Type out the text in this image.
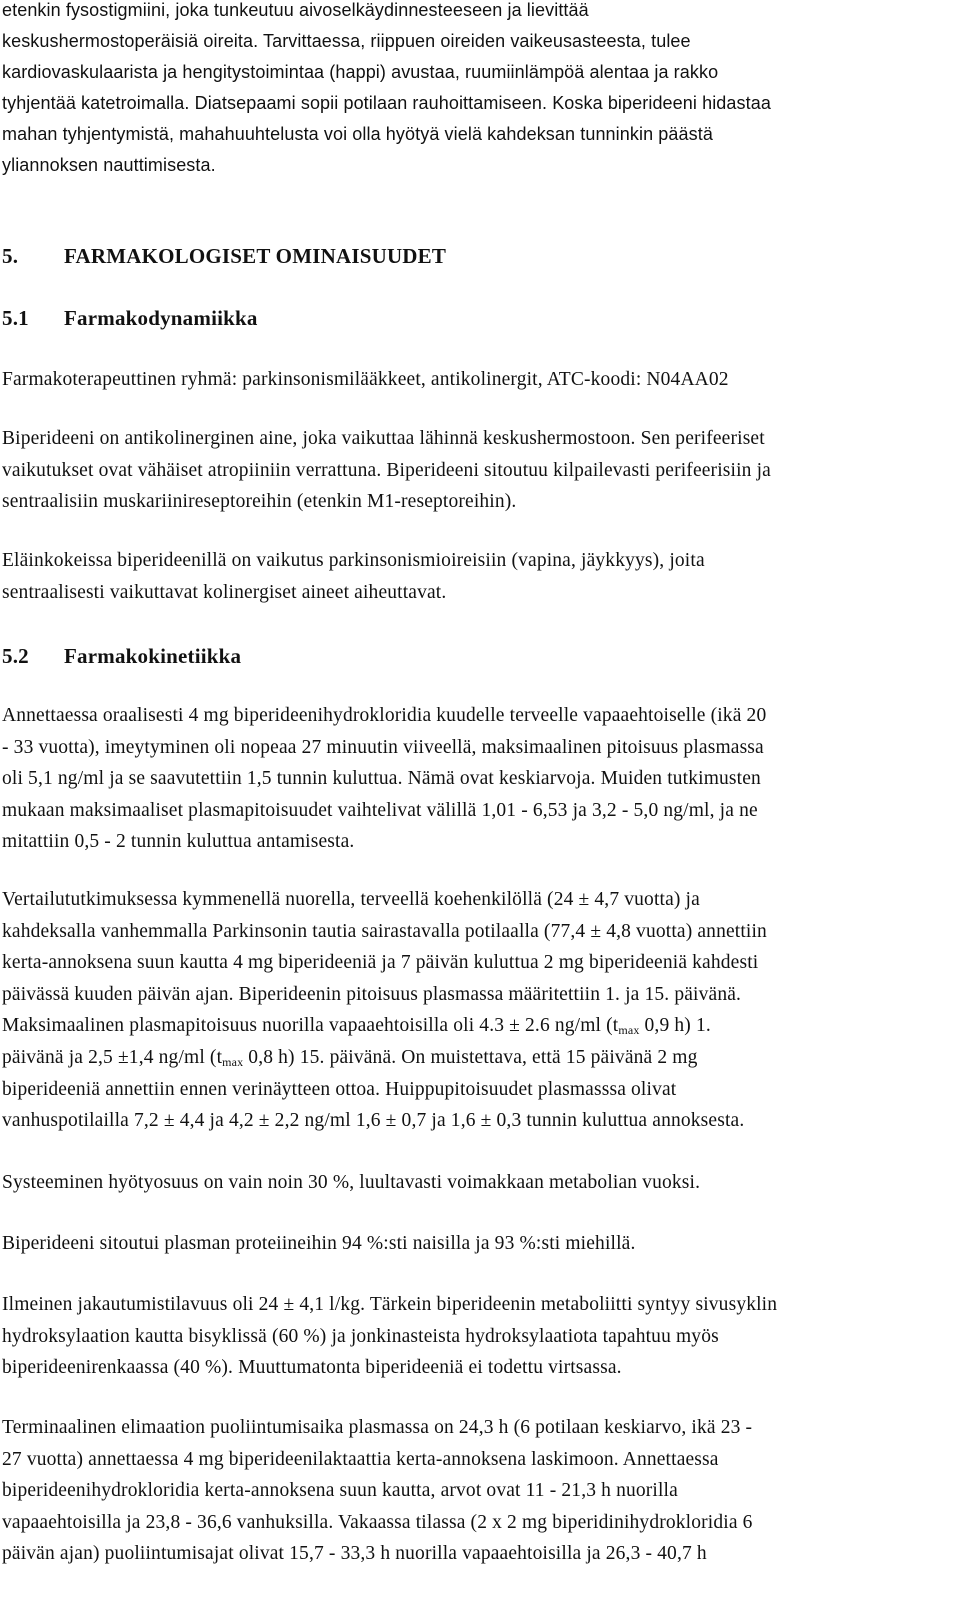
etenkin fysostigmiini, joka tunkeutuu aivoselkäydinnesteeseen ja lievittää
keskushermostoperäisiä oireita. Tarvittaessa, riippuen oireiden vaikeusasteesta, tulee
kardiovaskulaarista ja hengitystoimintaa (happi) avustaa, ruumiinlämpöä alentaa ja rakko
tyhjentää katetroimalla. Diatsepaami sopii potilaan rauhoittamiseen. Koska biperideeni hidastaa
mahan tyhjentymistä, mahahuuhtelusta voi olla hyötyä vielä kahdeksan tunninkin päästä
yliannoksen nauttimisesta.
5. FARMAKOLOGISET OMINAISUUDET
5.1 Farmakodynamiikka
Farmakoterapeuttinen ryhmä: parkinsonismilääkkeet, antikolinergit, ATC-koodi: N04AA02
Biperideeni on antikolinerginen aine, joka vaikuttaa lähinnä keskushermostoon. Sen perifeeriset
vaikutukset ovat vähäiset atropiiniin verrattuna. Biperideeni sitoutuu kilpailevasti perifeerisiin ja
sentraalisiin muskariinireseptoreihin (etenkin M1-reseptoreihin).
Eläinkokeissa biperideenillä on vaikutus parkinsonismioireisiin (vapina, jäykkyys), joita
sentraalisesti vaikuttavat kolinergiset aineet aiheuttavat.
5.2 Farmakokinetiikka
Annettaessa oraalisesti 4 mg biperideenihydrokloridia kuudelle terveelle vapaaehtoiselle (ikä 20
- 33 vuotta), imeytyminen oli nopeaa 27 minuutin viiveellä, maksimaalinen pitoisuus plasmassa
oli 5,1 ng/ml ja se saavutettiin 1,5 tunnin kuluttua. Nämä ovat keskiarvoja. Muiden tutkimusten
mukaan maksimaaliset plasmapitoisuudet vaihtelivat välillä 1,01 - 6,53 ja 3,2 - 5,0 ng/ml, ja ne
mitattiin 0,5 - 2 tunnin kuluttua antamisesta.
Vertailututkimuksessa kymmenellä nuorella, terveellä koehenkilöllä (24 ± 4,7 vuotta) ja
kahdeksalla vanhemmalla Parkinsonin tautia sairastavalla potilaalla (77,4 ± 4,8 vuotta) annettiin
kerta-annoksena suun kautta 4 mg biperideeniä ja 7 päivän kuluttua 2 mg biperideeniä kahdesti
päivässä kuuden päivän ajan. Biperideenin pitoisuus plasmassa määritettiin 1. ja 15. päivänä.
Maksimaalinen plasmapitoisuus nuorilla vapaaehtoisilla oli 4.3 ± 2.6 ng/ml ($t_{max}$ 0,9 h) 1.
päivänä ja 2,5 ±1,4 ng/ml ($t_{max}$ 0,8 h) 15. päivänä. On muistettava, että 15 päivänä 2 mg
biperideeniä annettiin ennen verinäytteen ottoa. Huippupitoisuudet plasmasssa olivat
vanhuspotilailla 7,2 ± 4,4 ja 4,2 ± 2,2 ng/ml 1,6 ± 0,7 ja 1,6 ± 0,3 tunnin kuluttua annoksesta.
Systeeminen hyötyosuus on vain noin 30 %, luultavasti voimakkaan metabolian vuoksi.
Biperideeni sitoutui plasman proteiineihin 94 %:sti naisilla ja 93 %:sti miehillä.
Ilmeinen jakautumistilavuus oli 24 ± 4,1 l/kg. Tärkein biperideenin metaboliitti syntyy sivusyklin
hydroksylaation kautta bisyklissä (60 %) ja jonkinasteista hydroksylaatiota tapahtuu myös
biperideenirenkaassa (40 %). Muuttumatonta biperideeniä ei todettu virtsassa.
Terminaalinen elimaation puoliintumisaika plasmassa on 24,3 h (6 potilaan keskiarvo, ikä 23 -
27 vuotta) annettaessa 4 mg biperideenilaktaattia kerta-annoksena laskimoon. Annettaessa
biperideenihydrokloridia kerta-annoksena suun kautta, arvot ovat 11 - 21,3 h nuorilla
vapaaehtoisilla ja 23,8 - 36,6 vanhuksilla. Vakaassa tilassa (2 x 2 mg biperidinihydrokloridia 6
päivän ajan) puoliintumisajat olivat 15,7 - 33,3 h nuorilla vapaaehtoisilla ja 26,3 - 40,7 h
